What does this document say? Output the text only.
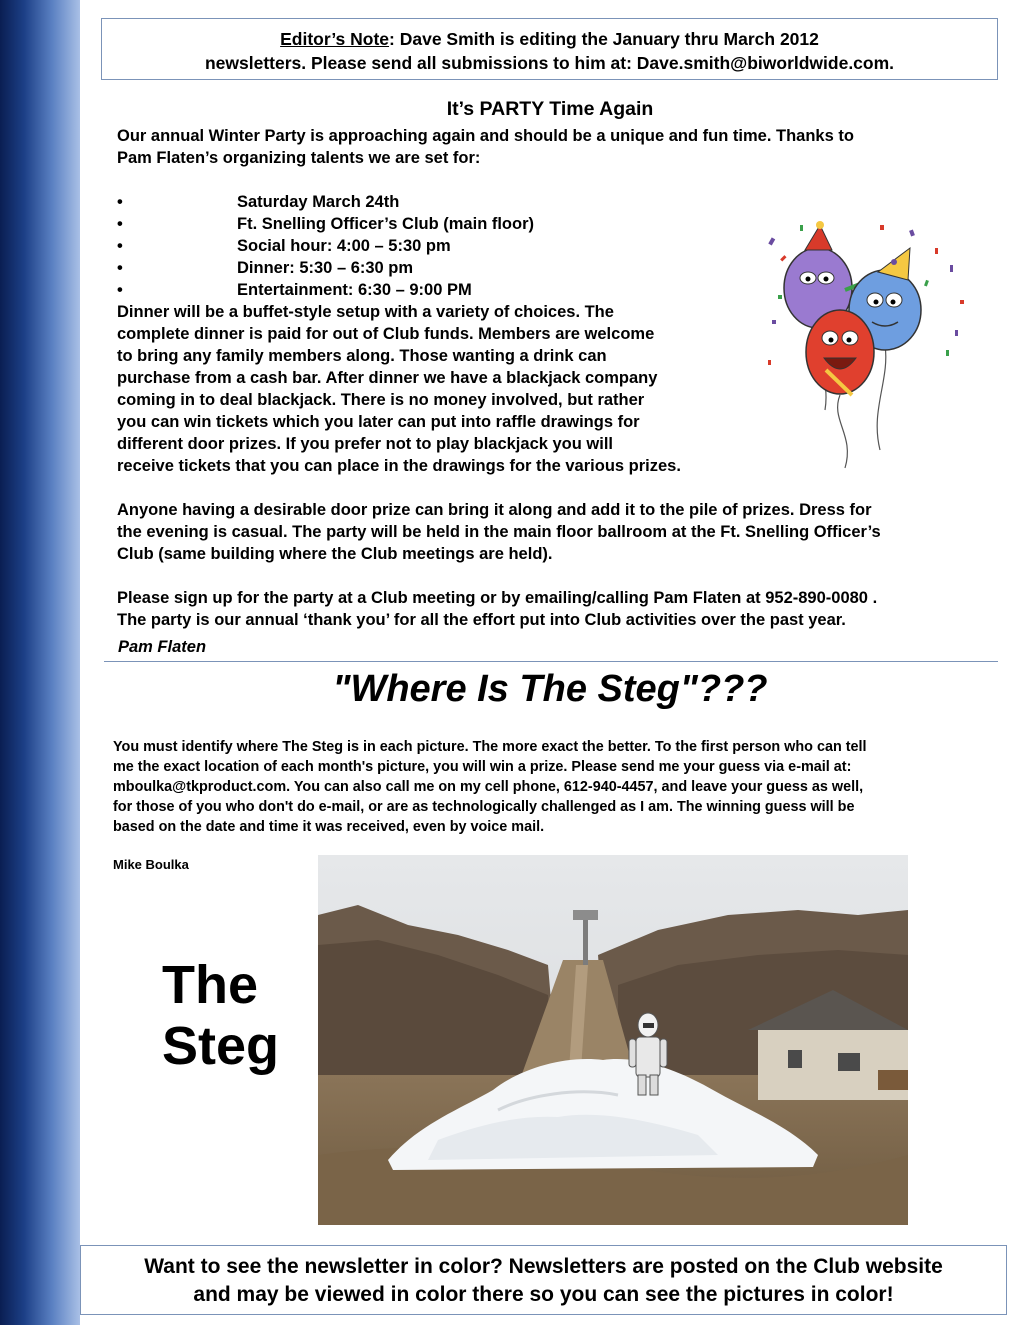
Editor’s Note: Dave Smith is editing the January thru March 2012
newsletters. Please send all submissions to him at: Dave.smith@biworldwide.com.
It’s PARTY Time Again

Our annual Winter Party is approaching again and should be a unique and fun time. Thanks to

Pam Flaten’s organizing talents we are set for:

•	Saturday March 24th
•	Ft. Snelling Officer’s Club (main floor)
•	Social hour: 4:00 – 5:30 pm
•	Dinner: 5:30 – 6:30 pm
•	Entertainment: 6:30 – 9:00 PM

Dinner will be a buffet-style setup with a variety of choices. The

complete dinner is paid for out of Club funds. Members are welcome

to bring any family members along. Those wanting a drink can

purchase from a cash bar. After dinner we have a blackjack company

coming in to deal blackjack. There is no money involved, but rather

you can win tickets which you later can put into raffle drawings for

different door prizes. If you prefer not to play blackjack you will

receive tickets that you can place in the drawings for the various prizes.

Anyone having a desirable door prize can bring it along and add it to the pile of prizes. Dress for

the evening is casual. The party will be held in the main floor ballroom at the Ft. Snelling Officer’s

Club (same building where the Club meetings are held).

Please sign up for the party at a Club meeting or by emailing/calling Pam Flaten at 952-890-0080 .

The party is our annual ‘thank you’ for all the effort put into Club activities over the past year.

Pam Flaten
"Where Is The Steg"???

You must identify where The Steg is in each picture. The more exact the better. To the first person who can tell

me the exact location of each month's picture, you will win a prize. Please send me your guess via e-mail at:

mboulka@tkproduct.com. You can also call me on my cell phone, 612-940-4457, and leave your guess as well,

for those of you who don't do e-mail, or are as technologically challenged as I am. The winning guess will be

based on the date and time it was received, even by voice mail.

Mike Boulka
The
Steg
Want to see the newsletter in color? Newsletters are posted on the Club website
and may be viewed in color there so you can see the pictures in color!
